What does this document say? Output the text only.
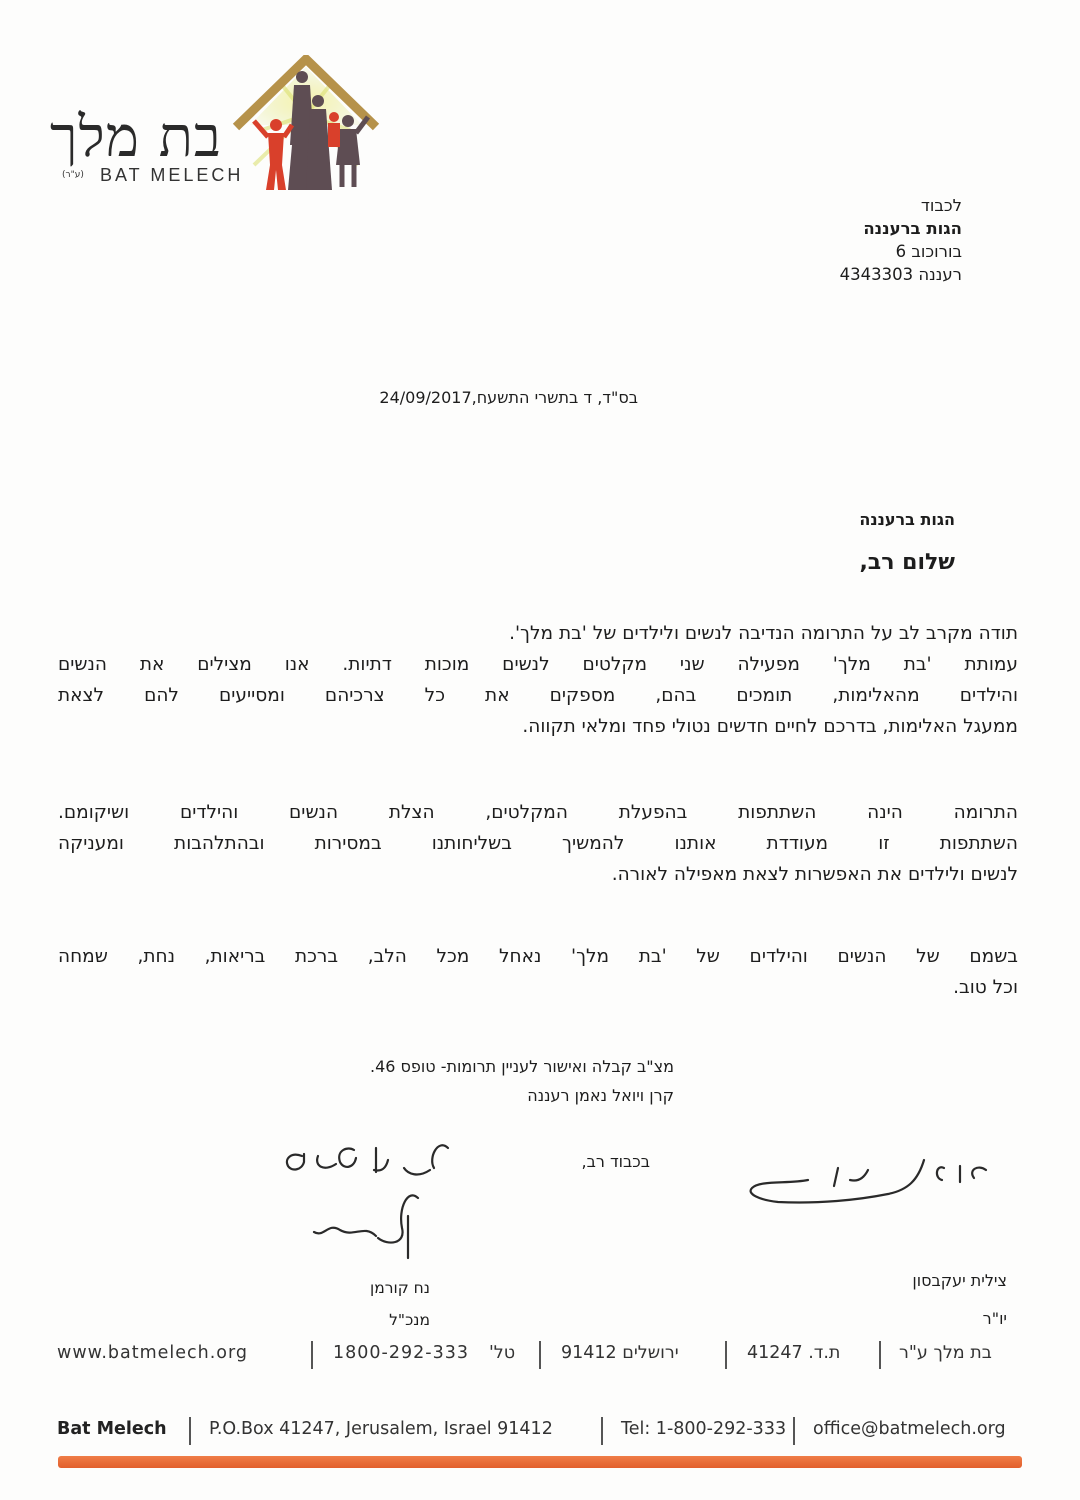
בת מלך
(ע"ר) BAT MELECH
לכבוד
הגות ברעננה
בורוכוב 6
רעננה 4343303
בס"ד, ד בתשרי התשעח,24/09/2017
הגות ברעננה
שלום רב,
תודה מקרב לב על התרומה הנדיבה לנשים ולילדים של 'בת מלך'.
עמותת 'בת מלך' מפעילה שני מקלטים לנשים מוכות דתיות. אנו מצילים את הנשים
והילדים מהאלימות, תומכים בהם, מספקים את כל צרכיהם ומסייעים להם לצאת
ממעגל האלימות, בדרכם לחיים חדשים נטולי פחד ומלאי תקווה.
התרומה הינה השתתפות בהפעלת המקלטים, הצלת הנשים והילדים ושיקומם.
השתתפות זו מעודדת אותנו להמשיך בשליחותנו במסירות ובהתלהבות ומעניקה
לנשים ולילדים את האפשרות לצאת מאפילה לאורה.
בשמם של הנשים והילדים של 'בת מלך' נאחל מכל הלב, ברכת בריאות, נחת, שמחה
וכל טוב.
מצ"ב קבלה ואישור לעניין תרומות- טופס 46.
קרן ויואל נאמן רעננה
בכבוד רב,
נח קורמן
מנכ"ל
צילית יעקבסון
יו"ר
www.batmelech.org	1800-292-333 טל'	ירושלים 91412	ת.ד. 41247	בת מלך ע"ר
Bat Melech P.O.Box 41247, Jerusalem, Israel 91412	Tel: 1-800-292-333 office@batmelech.org
